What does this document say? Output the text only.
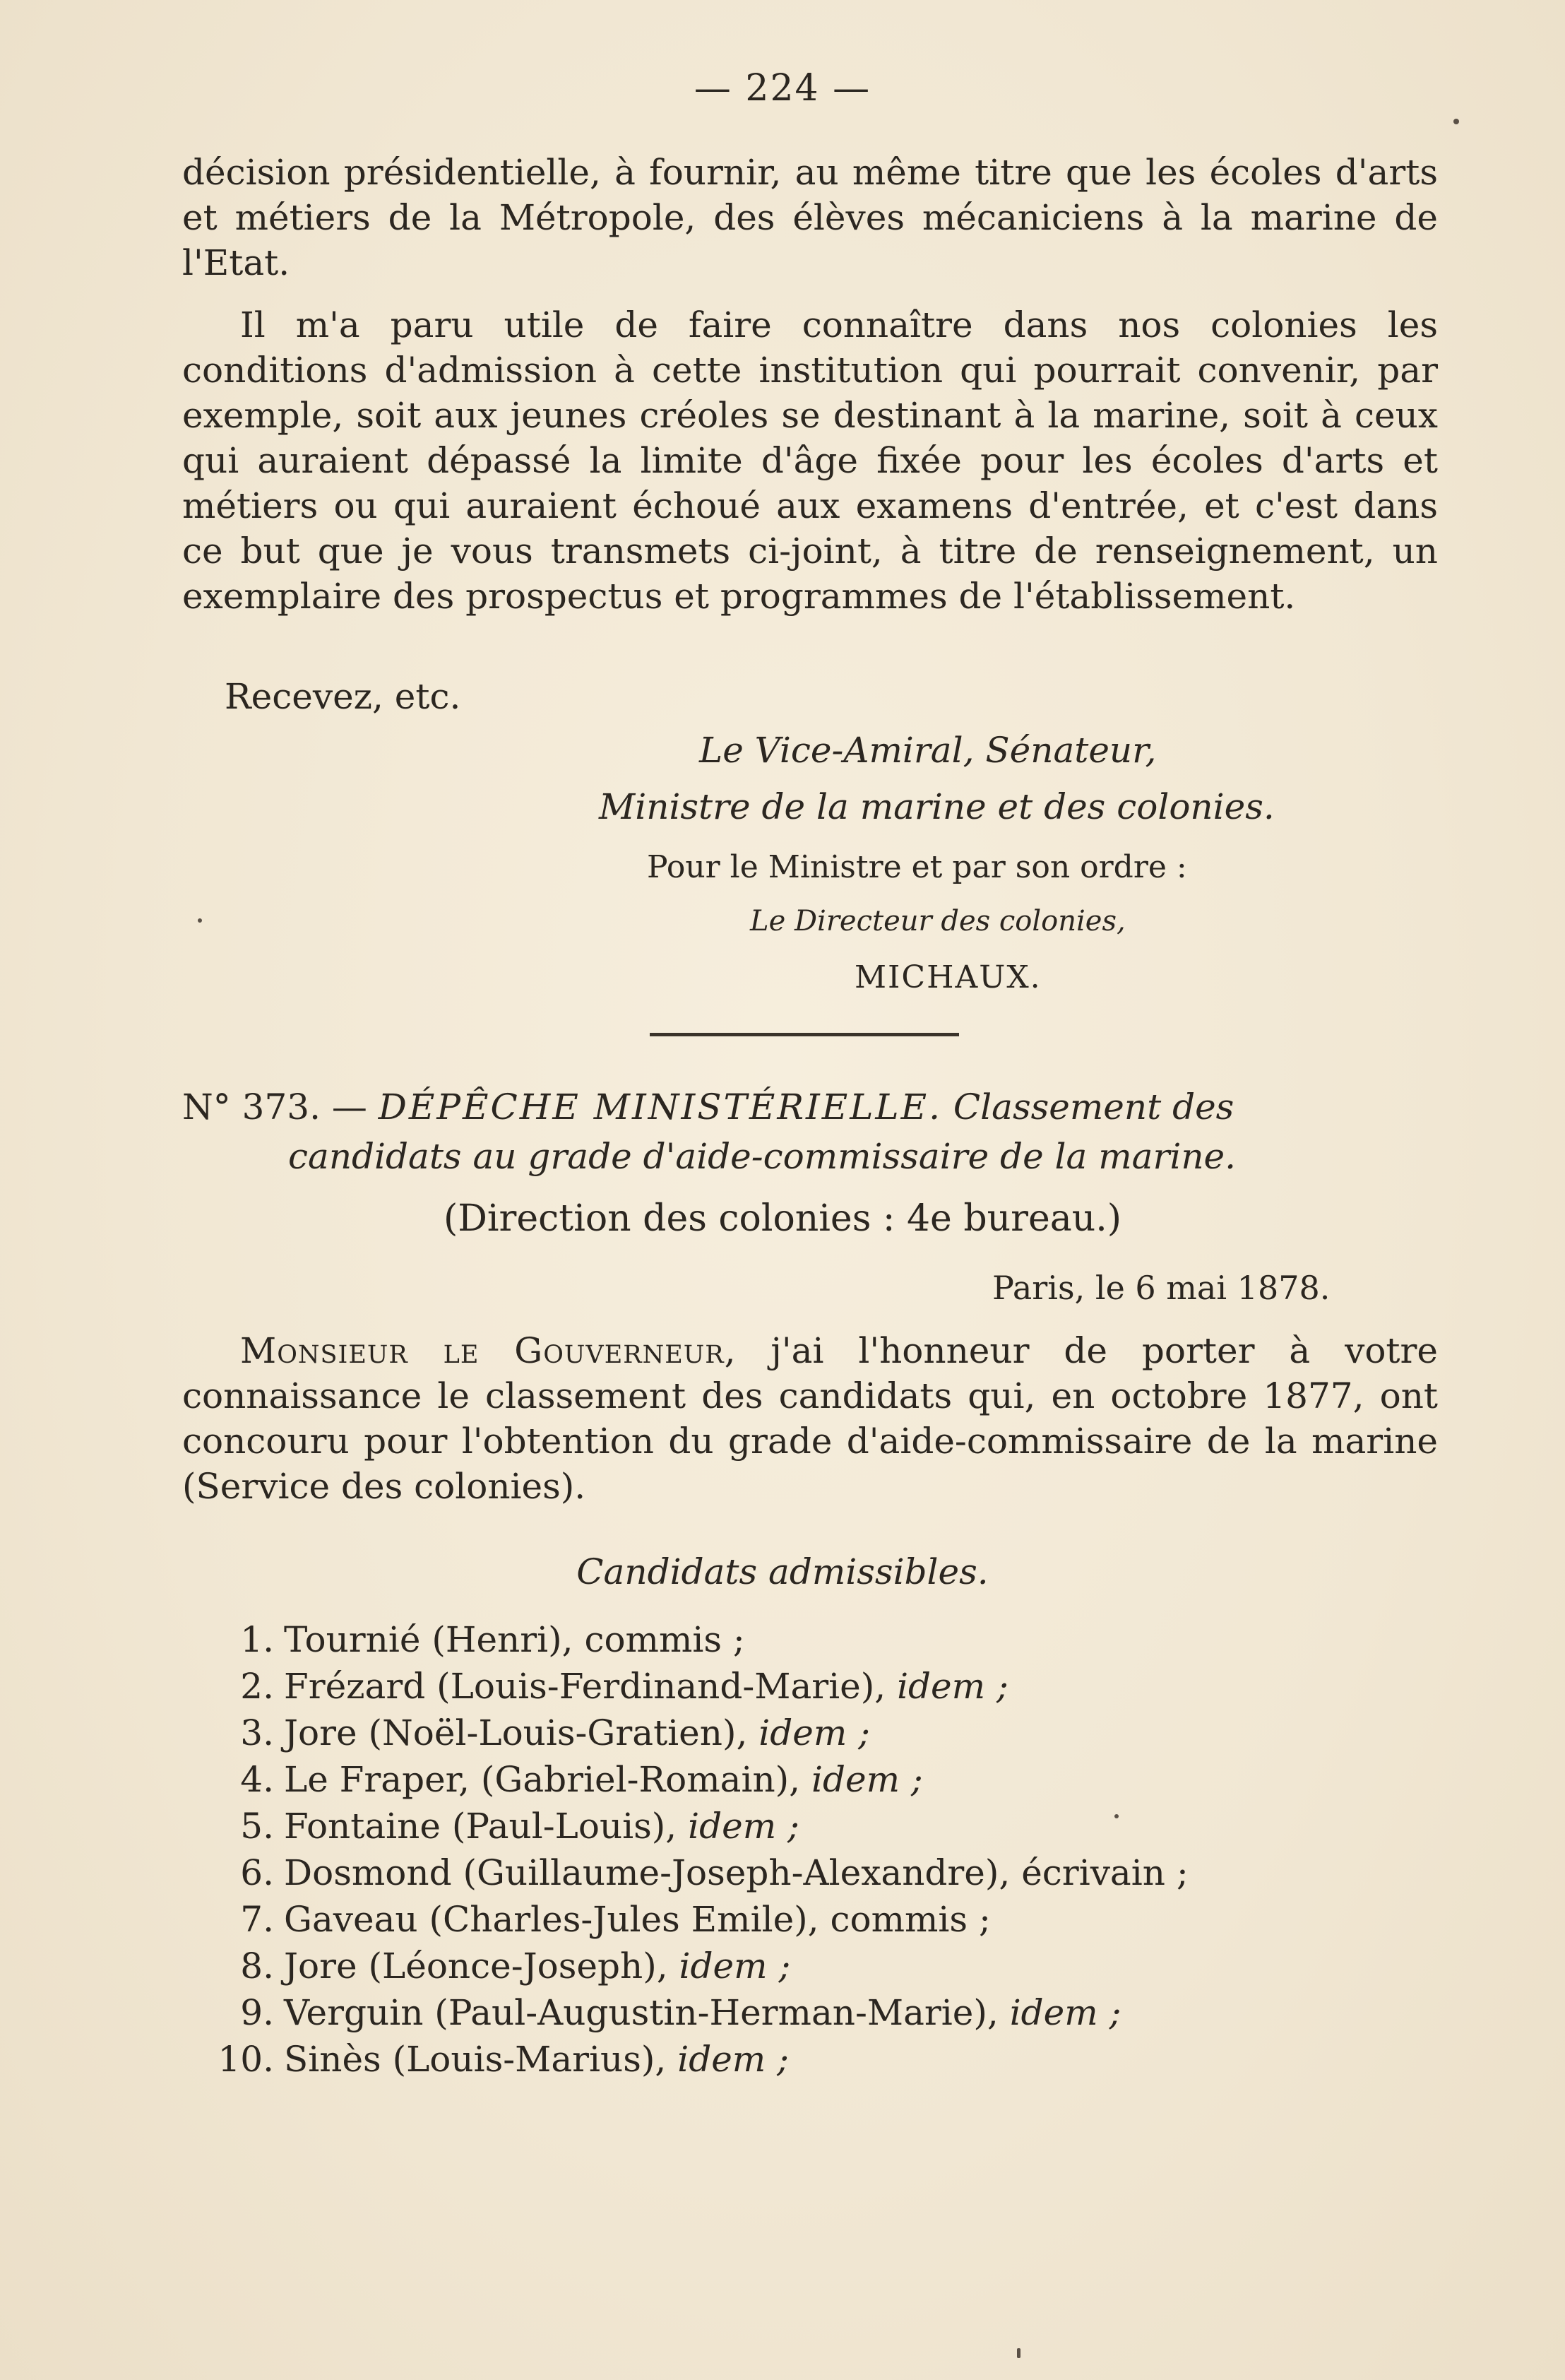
— 224 —
décision présidentielle, à fournir, au même titre que les écoles d'arts et métiers de la Métropole, des élèves mécaniciens à la marine de l'Etat.
Il m'a paru utile de faire connaître dans nos colonies les conditions d'admission à cette institution qui pourrait convenir, par exemple, soit aux jeunes créoles se destinant à la marine, soit à ceux qui auraient dépassé la limite d'âge fixée pour les écoles d'arts et métiers ou qui auraient échoué aux examens d'entrée, et c'est dans ce but que je vous transmets ci-joint, à titre de renseignement, un exemplaire des prospectus et programmes de l'établissement.
Recevez, etc.
Le Vice-Amiral, Sénateur,
Ministre de la marine et des colonies.
Pour le Ministre et par son ordre :
Le Directeur des colonies,
MICHAUX.
N° 373. — DÉPÊCHE MINISTÉRIELLE. Classement des
candidats au grade d'aide-commissaire de la marine.
(Direction des colonies : 4e bureau.)
Paris, le 6 mai 1878.
Monsieur le Gouverneur, j'ai l'honneur de porter à votre connaissance le classement des candidats qui, en octobre 1877, ont concouru pour l'obtention du grade d'aide-commissaire de la marine (Service des colonies).
Candidats admissibles.
1. Tournié (Henri), commis ;
2. Frézard (Louis-Ferdinand-Marie), idem ;
3. Jore (Noël-Louis-Gratien), idem ;
4. Le Fraper, (Gabriel-Romain), idem ;
5. Fontaine (Paul-Louis), idem ;
6. Dosmond (Guillaume-Joseph-Alexandre), écrivain ;
7. Gaveau (Charles-Jules Emile), commis ;
8. Jore (Léonce-Joseph), idem ;
9. Verguin (Paul-Augustin-Herman-Marie), idem ;
10. Sinès (Louis-Marius), idem ;
